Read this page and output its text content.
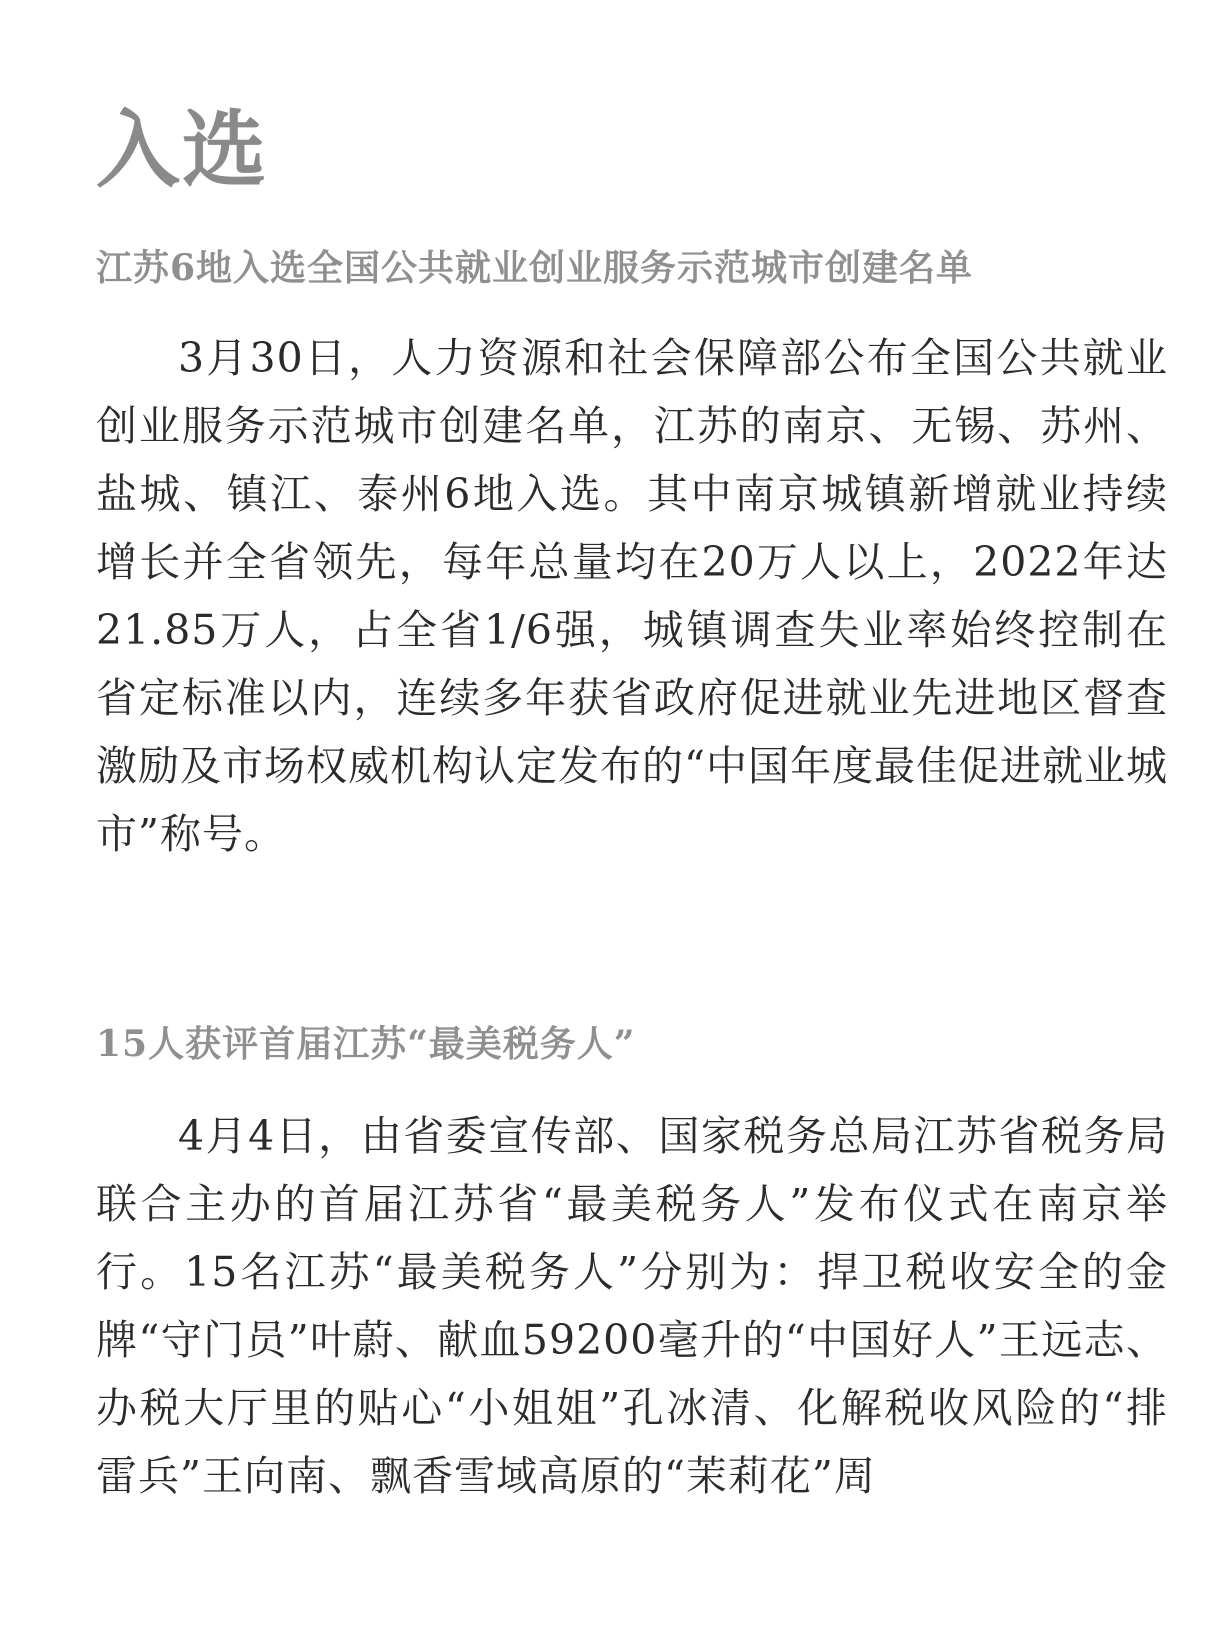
入选
江苏6地入选全国公共就业创业服务示范城市创建名单

3月30日，人力资源和社会保障部公布全国公共就业创业服务示范城市创建名单，江苏的南京、无锡、苏州、盐城、镇江、泰州6地入选。其中南京城镇新增就业持续增长并全省领先，每年总量均在20万人以上，2022年达21.85万人，占全省1/6强，城镇调查失业率始终控制在省定标准以内，连续多年获省政府促进就业先进地区督查激励及市场权威机构认定发布的“中国年度最佳促进就业城市”称号。

15人获评首届江苏“最美税务人”

4月4日，由省委宣传部、国家税务总局江苏省税务局联合主办的首届江苏省“最美税务人”发布仪式在南京举行。15名江苏“最美税务人”分别为：捍卫税收安全的金牌“守门员”叶蔚、献血59200毫升的“中国好人”王远志、办税大厅里的贴心“小姐姐”孔冰清、化解税收风险的“排雷兵”王向南、飘香雪域高原的“茉莉花”周
